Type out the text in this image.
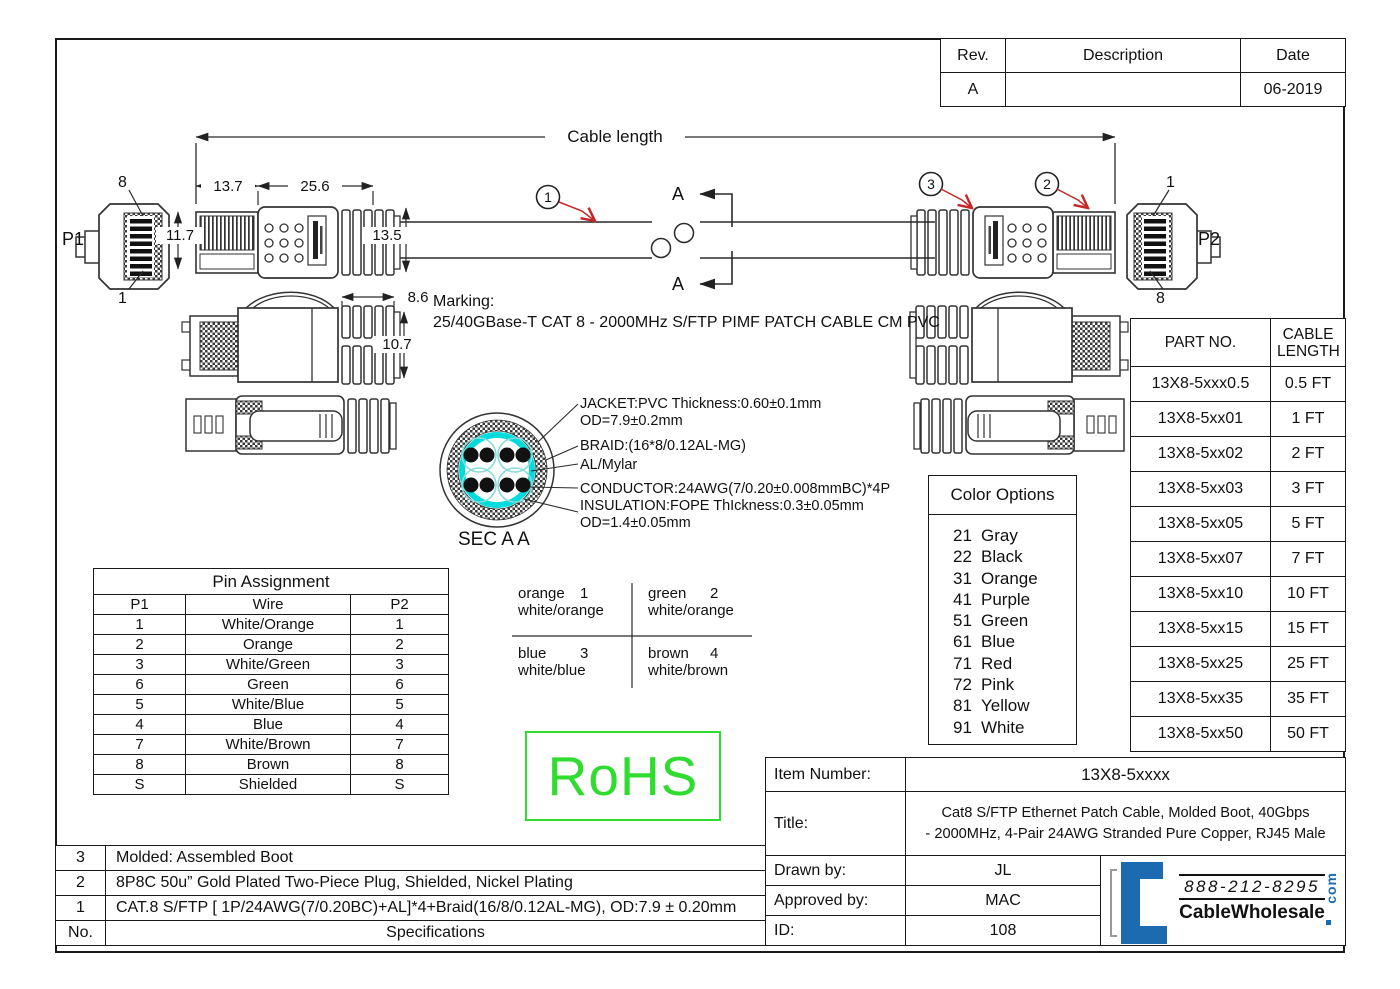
Cable length
13.7	25.6
11.7	13.5
8.6
10.7
P1	P2
8
1
1
8
1
3	2
A
A
Marking:
25/40GBase-T CAT 8 - 2000MHz S/FTP PIMF PATCH CABLE CM PVC
JACKET:PVC Thickness:0.60±0.1mm
OD=7.9±0.2mm
BRAID:(16*8/0.12AL-MG)
AL/Mylar
CONDUCTOR:24AWG(7/0.20±0.008mmBC)*4P
INSULATION:FOPE ThIckness:0.3±0.05mm
OD=1.4±0.05mm
SEC A A
Rev.	Description	Date
A		06-2019
Pin Assignment		
P1	Wire	P2
1	White/Orange	1
2	Orange	2
3	White/Green	3
6	Green	6
5	White/Blue	5
4	Blue	4
7	White/Brown	7
8	Brown	8
S	Shielded	S
orange 1
white/orange
green 2
white/orange
blue 3
white/blue
brown 4
white/brown
RoHS
Color Options
21 Gray
22 Black
31 Orange
41 Purple
51 Green
61 Blue
71 Red
72 Pink
81 Yellow
91 White
PART NO.	CABLE LENGTH
13X8-5xxx0.5	0.5 FT
13X8-5xx01	1 FT
13X8-5xx02	2 FT
13X8-5xx03	3 FT
13X8-5xx05	5 FT
13X8-5xx07	7 FT
13X8-5xx10	10 FT
13X8-5xx15	15 FT
13X8-5xx25	25 FT
13X8-5xx35	35 FT
13X8-5xx50	50 FT
3	Molded: Assembled Boot
2	8P8C 50u” Gold Plated Two-Piece Plug, Shielded, Nickel Plating
1	CAT.8 S/FTP [ 1P/24AWG(7/0.20BC)+AL]*4+Braid(16/8/0.12AL-MG), OD:7.9 ± 0.20mm
No.	Specifications
Item Number:	13X8-5xxxx	
Title:	Cat8 S/FTP Ethernet Patch Cable, Molded Boot, 40Gbps
- 2000MHz, 4-Pair 24AWG Stranded Pure Copper, RJ45 Male	

Drawn by:	JL	888-212-8295
CableWholesale
com

Approved by:	MAC	
ID:	108	
